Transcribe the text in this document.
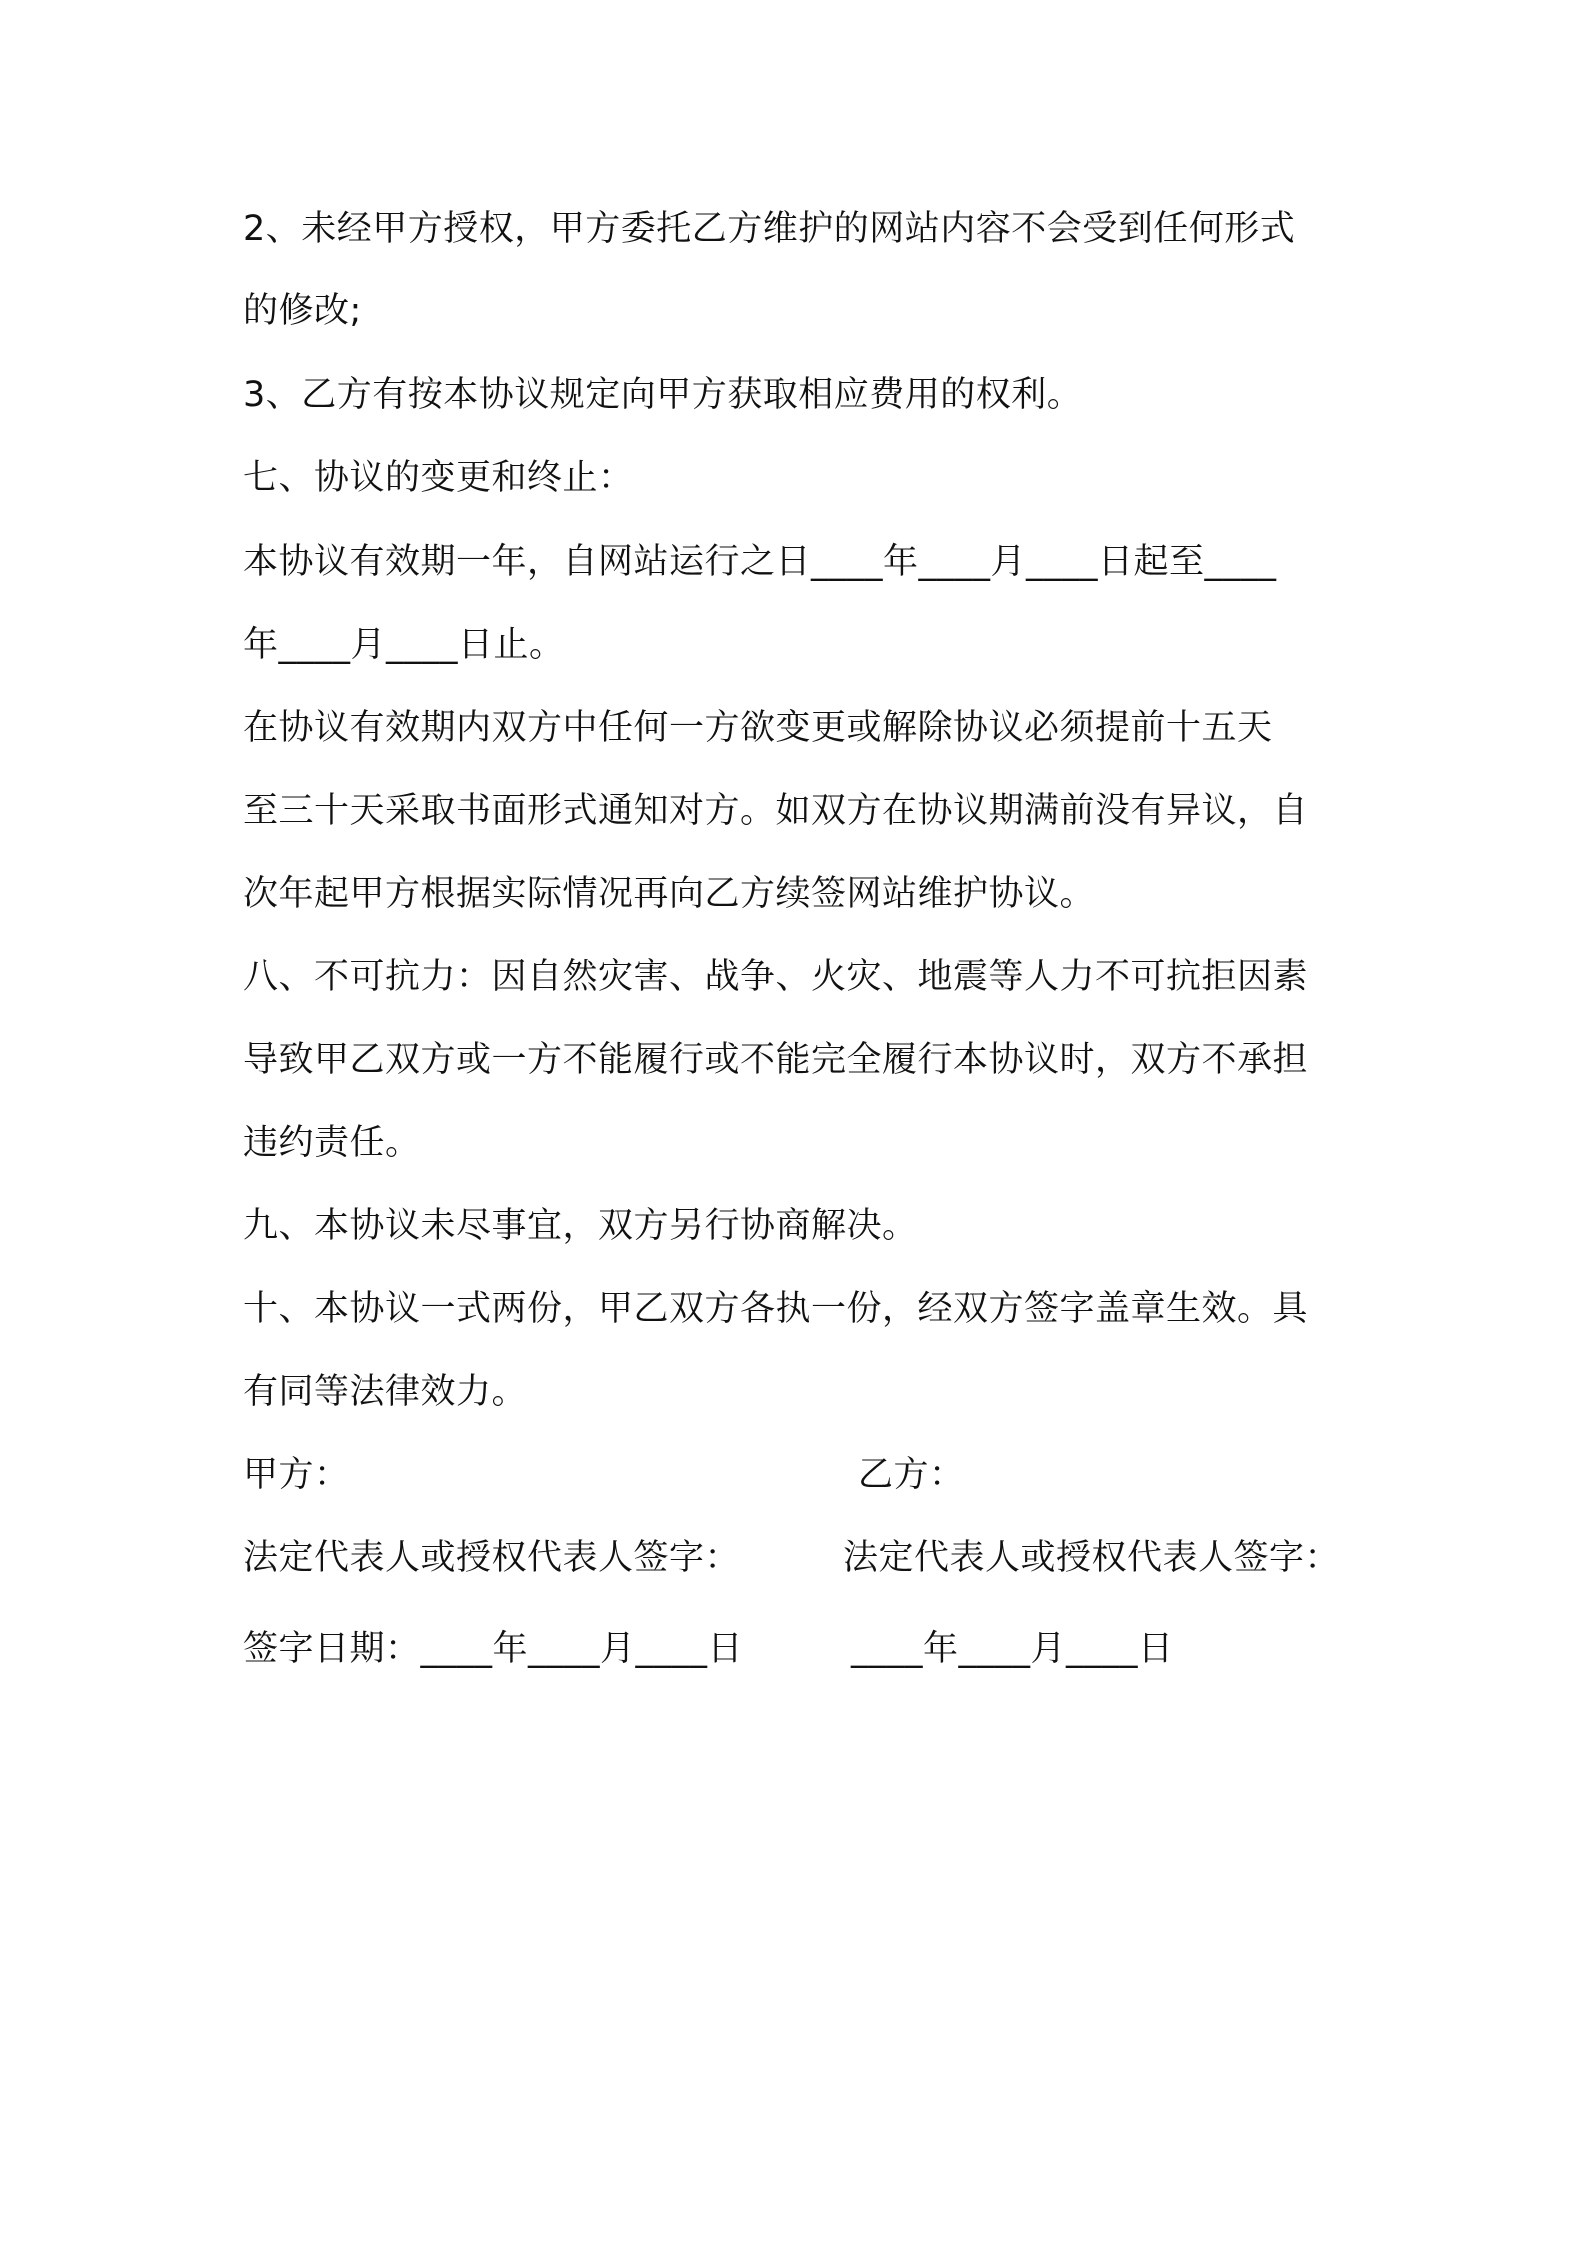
2、未经甲方授权，甲方委托乙方维护的网站内容不会受到任何形式
的修改;
3、乙方有按本协议规定向甲方获取相应费用的权利。
七、协议的变更和终止：
本协议有效期一年，自网站运行之日____年____月____日起至____
年____月____日止。
在协议有效期内双方中任何一方欲变更或解除协议必须提前十五天
至三十天采取书面形式通知对方。如双方在协议期满前没有异议，自
次年起甲方根据实际情况再向乙方续签网站维护协议。
八、不可抗力：因自然灾害、战争、火灾、地震等人力不可抗拒因素
导致甲乙双方或一方不能履行或不能完全履行本协议时，双方不承担
违约责任。
九、本协议未尽事宜，双方另行协商解决。
十、本协议一式两份，甲乙双方各执一份，经双方签字盖章生效。具
有同等法律效力。
甲方：	乙方：
法定代表人或授权代表人签字：	法定代表人或授权代表人签字：
签字日期：____年____月____日	____年____月____日
